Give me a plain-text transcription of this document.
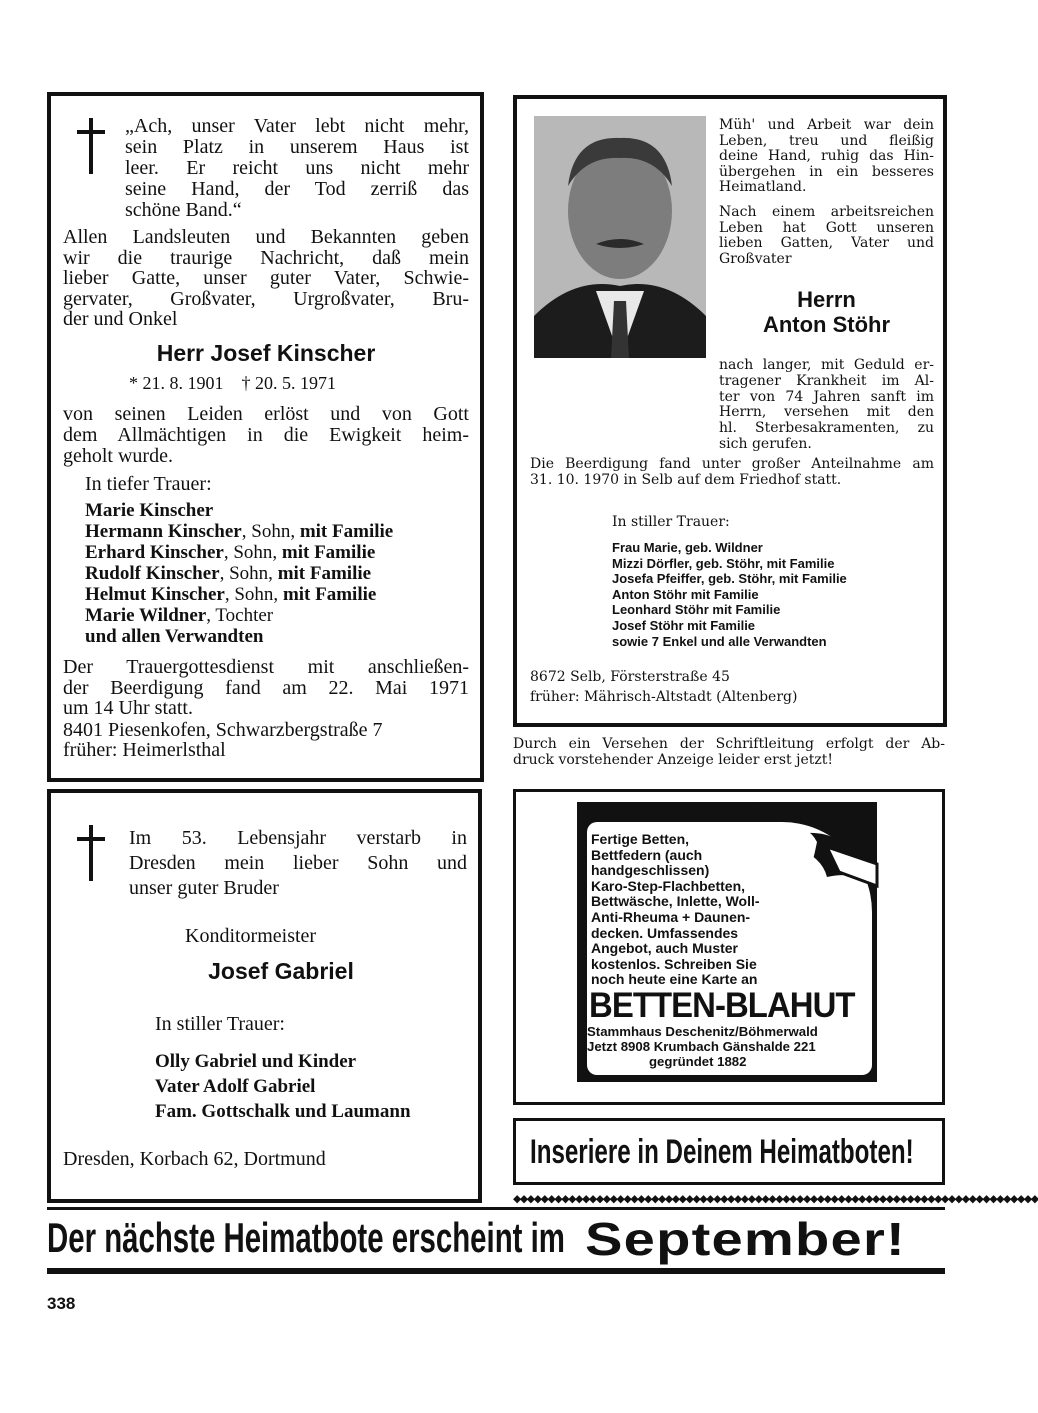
„Ach, unser Vater lebt nicht mehr,
sein Platz in unserem Haus ist
leer. Er reicht uns nicht mehr
seine Hand, der Tod zerriß das
schöne Band.“
Allen Landsleuten und Bekannten geben
wir die traurige Nachricht, daß mein
lieber Gatte, unser guter Vater, Schwie-
gervater, Großvater, Urgroßvater, Bru-
der und Onkel
Herr Josef Kinscher
* 21. 8. 1901    † 20. 5. 1971
von seinen Leiden erlöst und von Gott
dem Allmächtigen in die Ewigkeit heim-
geholt wurde.
In tiefer Trauer:
Marie Kinscher
Hermann Kinscher, Sohn, mit Familie
Erhard Kinscher, Sohn, mit Familie
Rudolf Kinscher, Sohn, mit Familie
Helmut Kinscher, Sohn, mit Familie
Marie Wildner, Tochter
und allen Verwandten
Der Trauergottesdienst mit anschließen-
der Beerdigung fand am 22. Mai 1971
um 14 Uhr statt.
8401 Piesenkofen, Schwarzbergstraße 7
früher: Heimerlsthal
Müh' und Arbeit war dein
Leben, treu und fleißig
deine Hand, ruhig das Hin-
übergehen in ein besseres
Heimatland.
Nach einem arbeitsreichen
Leben hat Gott unseren
lieben Gatten, Vater und
Großvater
Herrn
Anton Stöhr
nach langer, mit Geduld er-
tragener Krankheit im Al-
ter von 74 Jahren sanft im
Herrn, versehen mit den
hl. Sterbesakramenten, zu
sich gerufen.
Die Beerdigung fand unter großer Anteilnahme am
31. 10. 1970 in Selb auf dem Friedhof statt.
In stiller Trauer:
Frau Marie, geb. Wildner
Mizzi Dörfler, geb. Stöhr, mit Familie
Josefa Pfeiffer, geb. Stöhr, mit Familie
Anton Stöhr mit Familie
Leonhard Stöhr mit Familie
Josef Stöhr mit Familie
sowie 7 Enkel und alle Verwandten
8672 Selb, Försterstraße 45
früher: Mährisch-Altstadt (Altenberg)
Durch ein Versehen der Schriftleitung erfolgt der Ab-
druck vorstehender Anzeige leider erst jetzt!
Im 53. Lebensjahr verstarb in
Dresden mein lieber Sohn und
unser guter Bruder
Konditormeister
Josef Gabriel
In stiller Trauer:
Olly Gabriel und Kinder
Vater Adolf Gabriel
Fam. Gottschalk und Laumann
Dresden, Korbach 62, Dortmund
Fertige Betten,
Bettfedern (auch
handgeschlissen)
Karo-Step-Flachbetten,
Bettwäsche, Inlette, Woll-
Anti-Rheuma + Daunen-
decken. Umfassendes
Angebot, auch Muster
kostenlos. Schreiben Sie
noch heute eine Karte an
BETTEN-BLAHUT
Stammhaus Deschenitz/Böhmerwald
Jetzt 8908 Krumbach Gänshalde 221
gegründet 1882
Inseriere in Deinem Heimatboten!
◆◆◆◆◆◆◆◆◆◆◆◆◆◆◆◆◆◆◆◆◆◆◆◆◆◆◆◆◆◆◆◆◆◆◆◆◆◆◆◆◆◆◆◆◆◆◆◆◆◆◆◆◆◆◆◆◆◆◆◆◆◆◆◆◆◆◆◆◆◆◆◆◆◆◆◆
Der nächste Heimatbote erscheint im September!
338
